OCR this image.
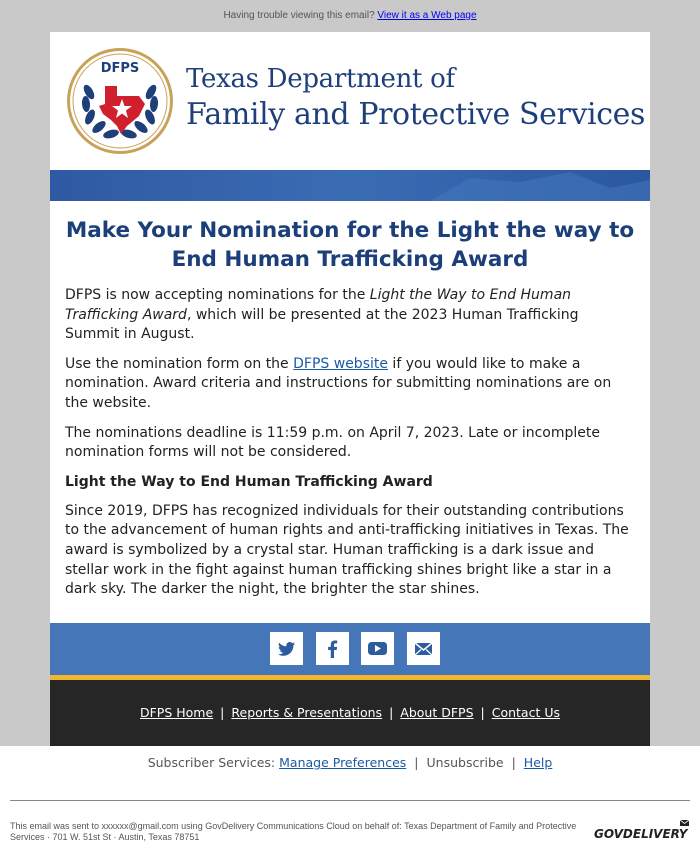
Having trouble viewing this email? View it as a Web page
DFPS Texas Department of
Family and Protective Services
Make Your Nomination for the Light the way to End Human Trafficking Award

DFPS is now accepting nominations for the Light the Way to End Human Trafficking Award, which will be presented at the 2023 Human Trafficking Summit in August.

Use the nomination form on the DFPS website if you would like to make a nomination. Award criteria and instructions for submitting nominations are on the website.

The nominations deadline is 11:59 p.m. on April 7, 2023. Late or incomplete nomination forms will not be considered.

Light the Way to End Human Trafficking Award

Since 2019, DFPS has recognized individuals for their outstanding contributions to the advancement of human rights and anti-trafficking initiatives in Texas. The award is symbolized by a crystal star. Human trafficking is a dark issue and stellar work in the fight against human trafficking shines bright like a star in a dark sky. The darker the night, the brighter the star shines.

DFPS Home | Reports & Presentations | About DFPS | Contact Us
Subscriber Services: Manage Preferences | Unsubscribe | Help
This email was sent to xxxxxx@gmail.com using GovDelivery Communications Cloud on behalf of: Texas Department of Family and Protective Services · 701 W. 51st St · Austin, Texas 78751	GOVDELIVERY
